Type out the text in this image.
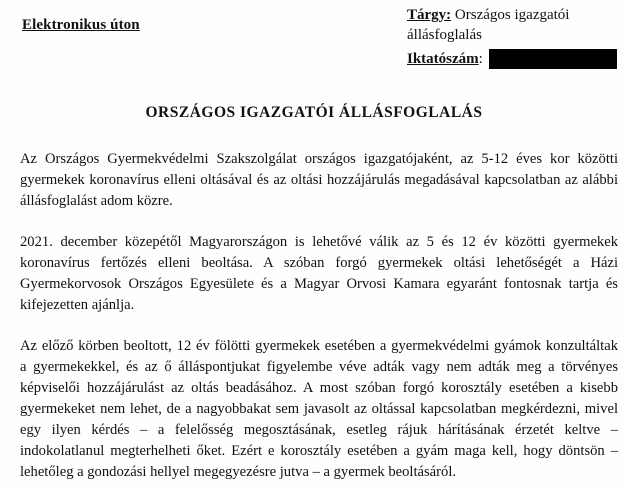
Elektronikus úton
Tárgy: Országos igazgatói
állásfoglalás
Iktatószám :
ORSZÁGOS IGAZGATÓI ÁLLÁSFOGLALÁS
Az Országos Gyermekvédelmi Szakszolgálat országos igazgatójaként, az 5-12 éves kor közötti
gyermekek koronavírus elleni oltásával és az oltási hozzájárulás megadásával kapcsolatban az alábbi
állásfoglalást adom közre.
2021. december közepétől Magyarországon is lehetővé válik az 5 és 12 év közötti gyermekek
koronavírus fertőzés elleni beoltása. A szóban forgó gyermekek oltási lehetőségét a Házi
Gyermekorvosok Országos Egyesülete és a Magyar Orvosi Kamara egyaránt fontosnak tartja és
kifejezetten ajánlja.
Az előző körben beoltott, 12 év fölötti gyermekek esetében a gyermekvédelmi gyámok konzultáltak
a gyermekekkel, és az ő álláspontjukat figyelembe véve adták vagy nem adták meg a törvényes
képviselői hozzájárulást az oltás beadásához. A most szóban forgó korosztály esetében a kisebb
gyermekeket nem lehet, de a nagyobbakat sem javasolt az oltással kapcsolatban megkérdezni, mivel
egy ilyen kérdés – a felelősség megosztásának, esetleg rájuk hárításának érzetét keltve –
indokolatlanul megterhelheti őket. Ezért e korosztály esetében a gyám maga kell, hogy döntsön –
lehetőleg a gondozási hellyel megegyezésre jutva – a gyermek beoltásáról.
